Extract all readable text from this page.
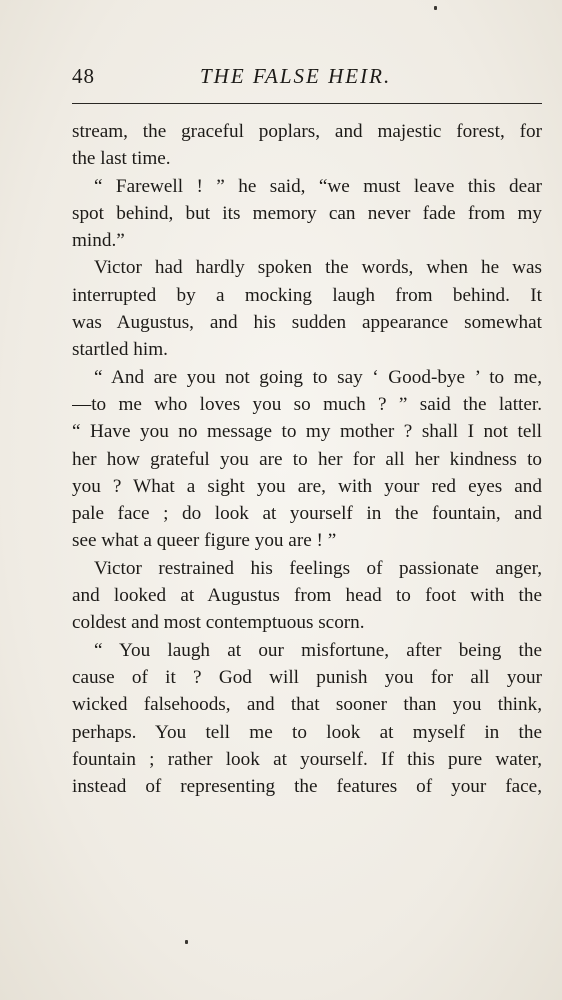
48	THE FALSE HEIR.
stream, the graceful poplars, and majestic forest, for
the last time.
“ Farewell ! ” he said, “we must leave this dear
spot behind, but its memory can never fade from my
mind.”
Victor had hardly spoken the words, when he was
interrupted by a mocking laugh from behind. It
was Augustus, and his sudden appearance somewhat
startled him.
“ And are you not going to say ‘ Good-bye ’ to me,
—to me who loves you so much ? ” said the latter.
“ Have you no message to my mother ? shall I not tell
her how grateful you are to her for all her kindness to
you ? What a sight you are, with your red eyes and
pale face ; do look at yourself in the fountain, and
see what a queer figure you are ! ”
Victor restrained his feelings of passionate anger,
and looked at Augustus from head to foot with the
coldest and most contemptuous scorn.
“ You laugh at our misfortune, after being the
cause of it ? God will punish you for all your
wicked falsehoods, and that sooner than you think,
perhaps. You tell me to look at myself in the
fountain ; rather look at yourself. If this pure water,
instead of representing the features of your face,
